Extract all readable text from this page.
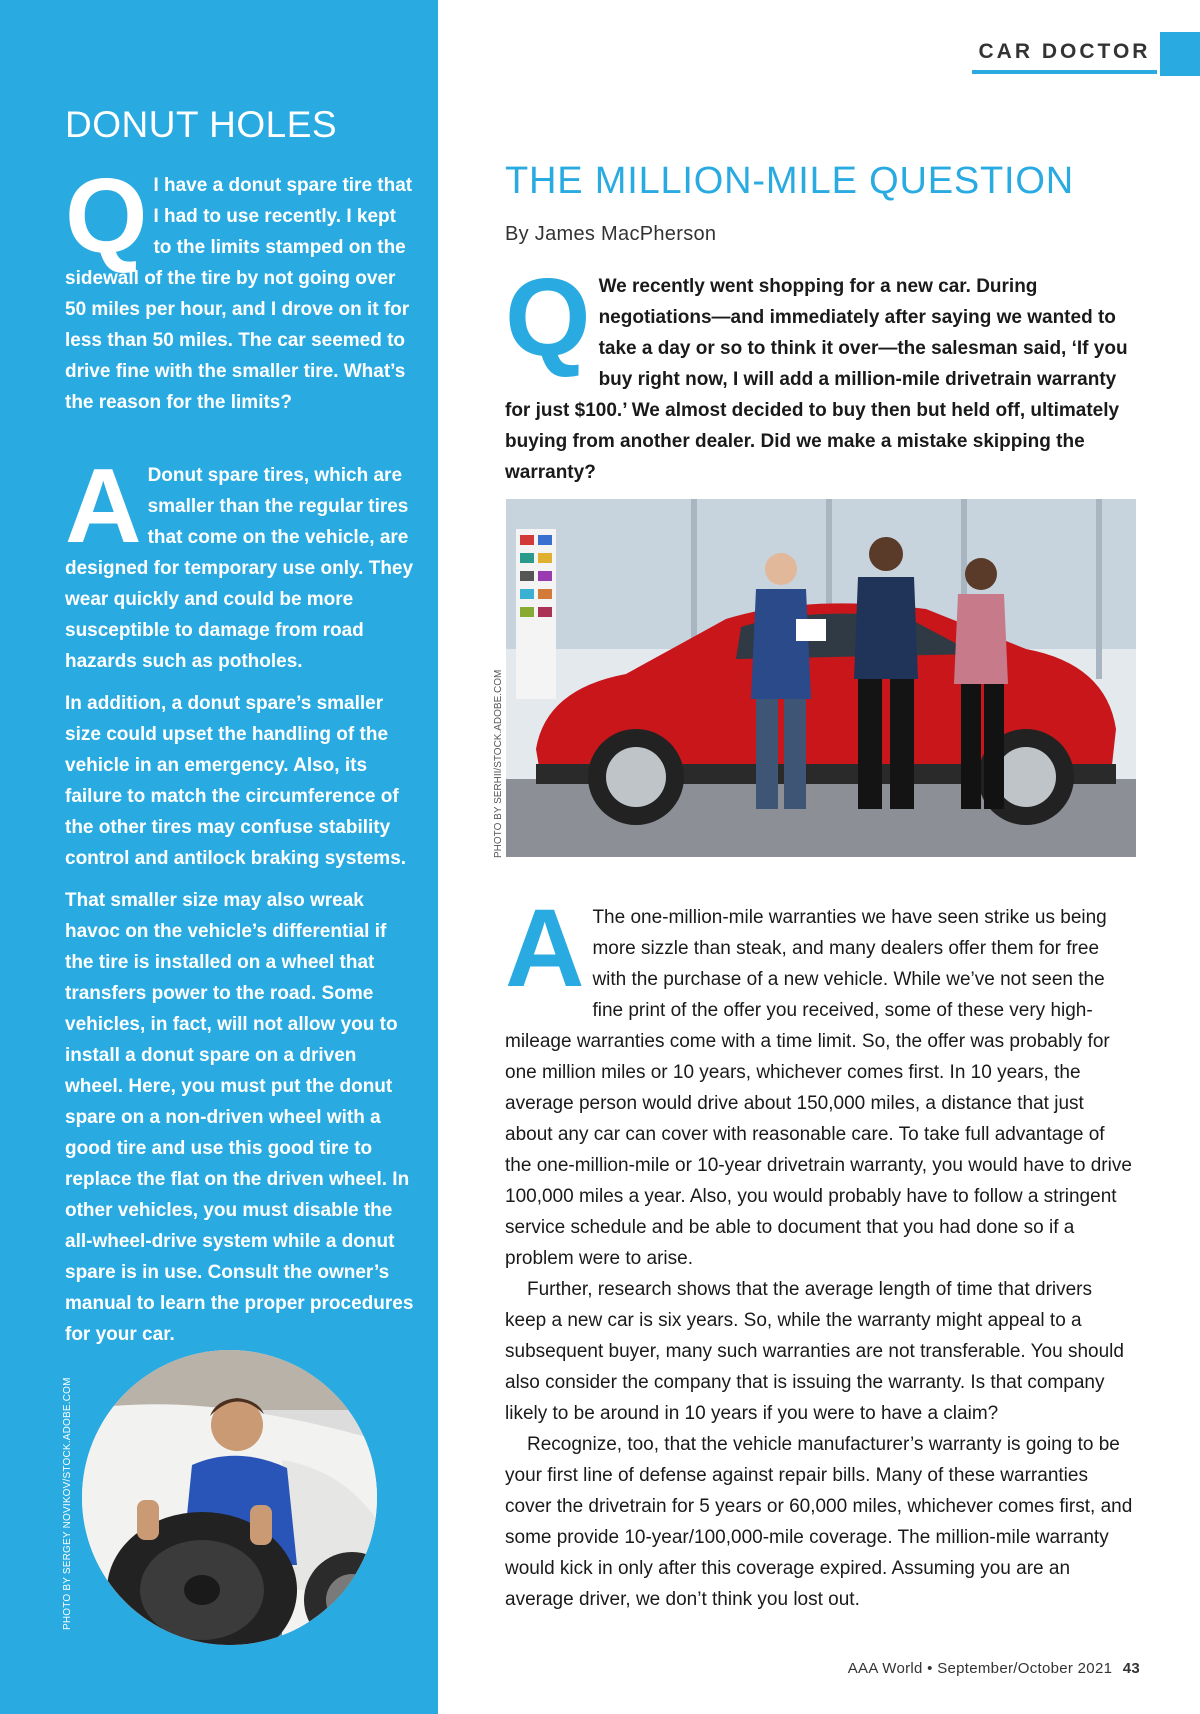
DONUT HOLES
Q I have a donut spare tire that I had to use recently. I kept to the limits stamped on the sidewall of the tire by not going over 50 miles per hour, and I drove on it for less than 50 miles. The car seemed to drive fine with the smaller tire. What’s the reason for the limits?

A Donut spare tires, which are smaller than the regular tires that come on the vehicle, are designed for temporary use only. They wear quickly and could be more susceptible to damage from road hazards such as potholes.

In addition, a donut spare’s smaller size could upset the handling of the vehicle in an emergency. Also, its failure to match the circumference of the other tires may confuse stability control and antilock braking systems.

That smaller size may also wreak havoc on the vehicle’s differential if the tire is installed on a wheel that transfers power to the road. Some vehicles, in fact, will not allow you to install a donut spare on a driven wheel. Here, you must put the donut spare on a non-driven wheel with a good tire and use this good tire to replace the flat on the driven wheel. In other vehicles, you must disable the all-wheel-drive system while a donut spare is in use. Consult the owner’s manual to learn the proper procedures for your car.

PHOTO BY SERGEY NOVIKOV/STOCK.ADOBE.COM
CAR DOCTOR
THE MILLION-MILE QUESTION
By James MacPherson
Q We recently went shopping for a new car. During negotiations—and immediately after saying we wanted to take a day or so to think it over—the salesman said, ‘If you buy right now, I will add a million-mile drivetrain warranty for just $100.’ We almost decided to buy then but held off, ultimately buying from another dealer. Did we make a mistake skipping the warranty?
PHOTO BY SERHII/STOCK.ADOBE.COM

A The one-million-mile warranties we have seen strike us being more sizzle than steak, and many dealers offer them for free with the purchase of a new vehicle. While we’ve not seen the fine print of the offer you received, some of these very high-mileage warranties come with a time limit. So, the offer was probably for one million miles or 10 years, whichever comes first. In 10 years, the average person would drive about 150,000 miles, a distance that just about any car can cover with reasonable care. To take full advantage of the one-million-mile or 10-year drivetrain warranty, you would have to drive 100,000 miles a year. Also, you would probably have to follow a stringent service schedule and be able to document that you had done so if a problem were to arise.

Further, research shows that the average length of time that drivers keep a new car is six years. So, while the warranty might appeal to a subsequent buyer, many such warranties are not transferable. You should also consider the company that is issuing the warranty. Is that company likely to be around in 10 years if you were to have a claim?

Recognize, too, that the vehicle manufacturer’s warranty is going to be your first line of defense against repair bills. Many of these warranties cover the drivetrain for 5 years or 60,000 miles, whichever comes first, and some provide 10-year/100,000-mile coverage. The million-mile warranty would kick in only after this coverage expired. Assuming you are an average driver, we don’t think you lost out.

AAA World • September/October 2021 43
